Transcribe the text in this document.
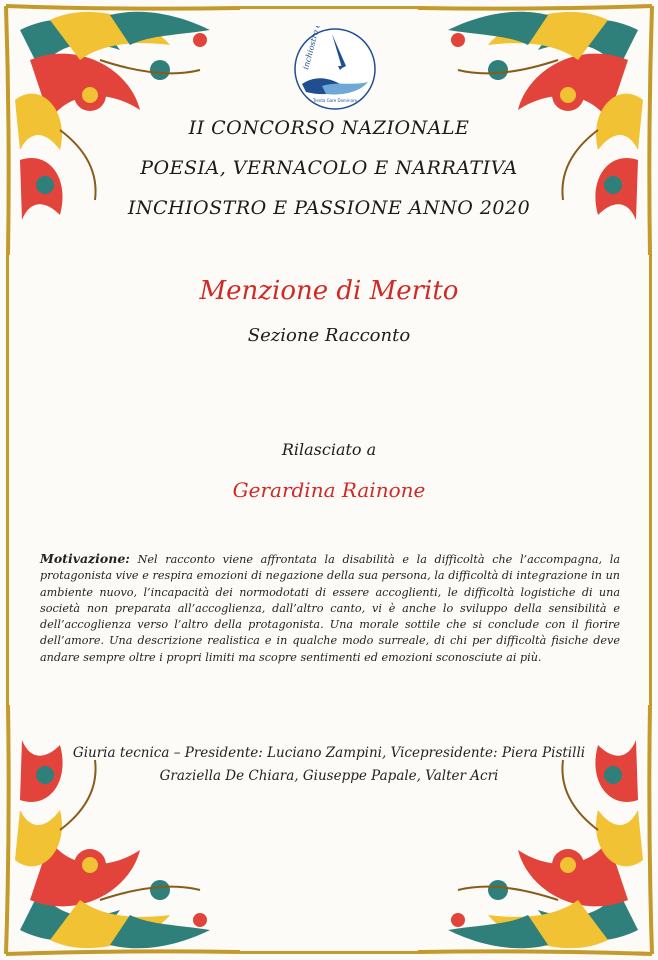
Trenta Gare Dominare
II CONCORSO NAZIONALE
POESIA, VERNACOLO E NARRATIVA
INCHIOSTRO E PASSIONE ANNO 2020
Menzione di Merito
Sezione Racconto
Rilasciato a
Gerardina Rainone
Motivazione: Nel racconto viene affrontata la disabilità e la difficoltà che l’accompagna, la protagonista vive e respira emozioni di negazione della sua persona, la difficoltà di integrazione in un ambiente nuovo, l’incapacità dei normodotati di essere accoglienti, le difficoltà logistiche di una società non preparata all’accoglienza, dall’altro canto, vi è anche lo sviluppo della sensibilità e dell’accoglienza verso l’altro della protagonista. Una morale sottile che si conclude con il fiorire dell’amore. Una descrizione realistica e in qualche modo surreale, di chi per difficoltà fisiche deve andare sempre oltre i propri limiti ma scopre sentimenti ed emozioni sconosciute ai più.
Giuria tecnica – Presidente: Luciano Zampini, Vicepresidente: Piera Pistilli
Graziella De Chiara, Giuseppe Papale, Valter Acri
